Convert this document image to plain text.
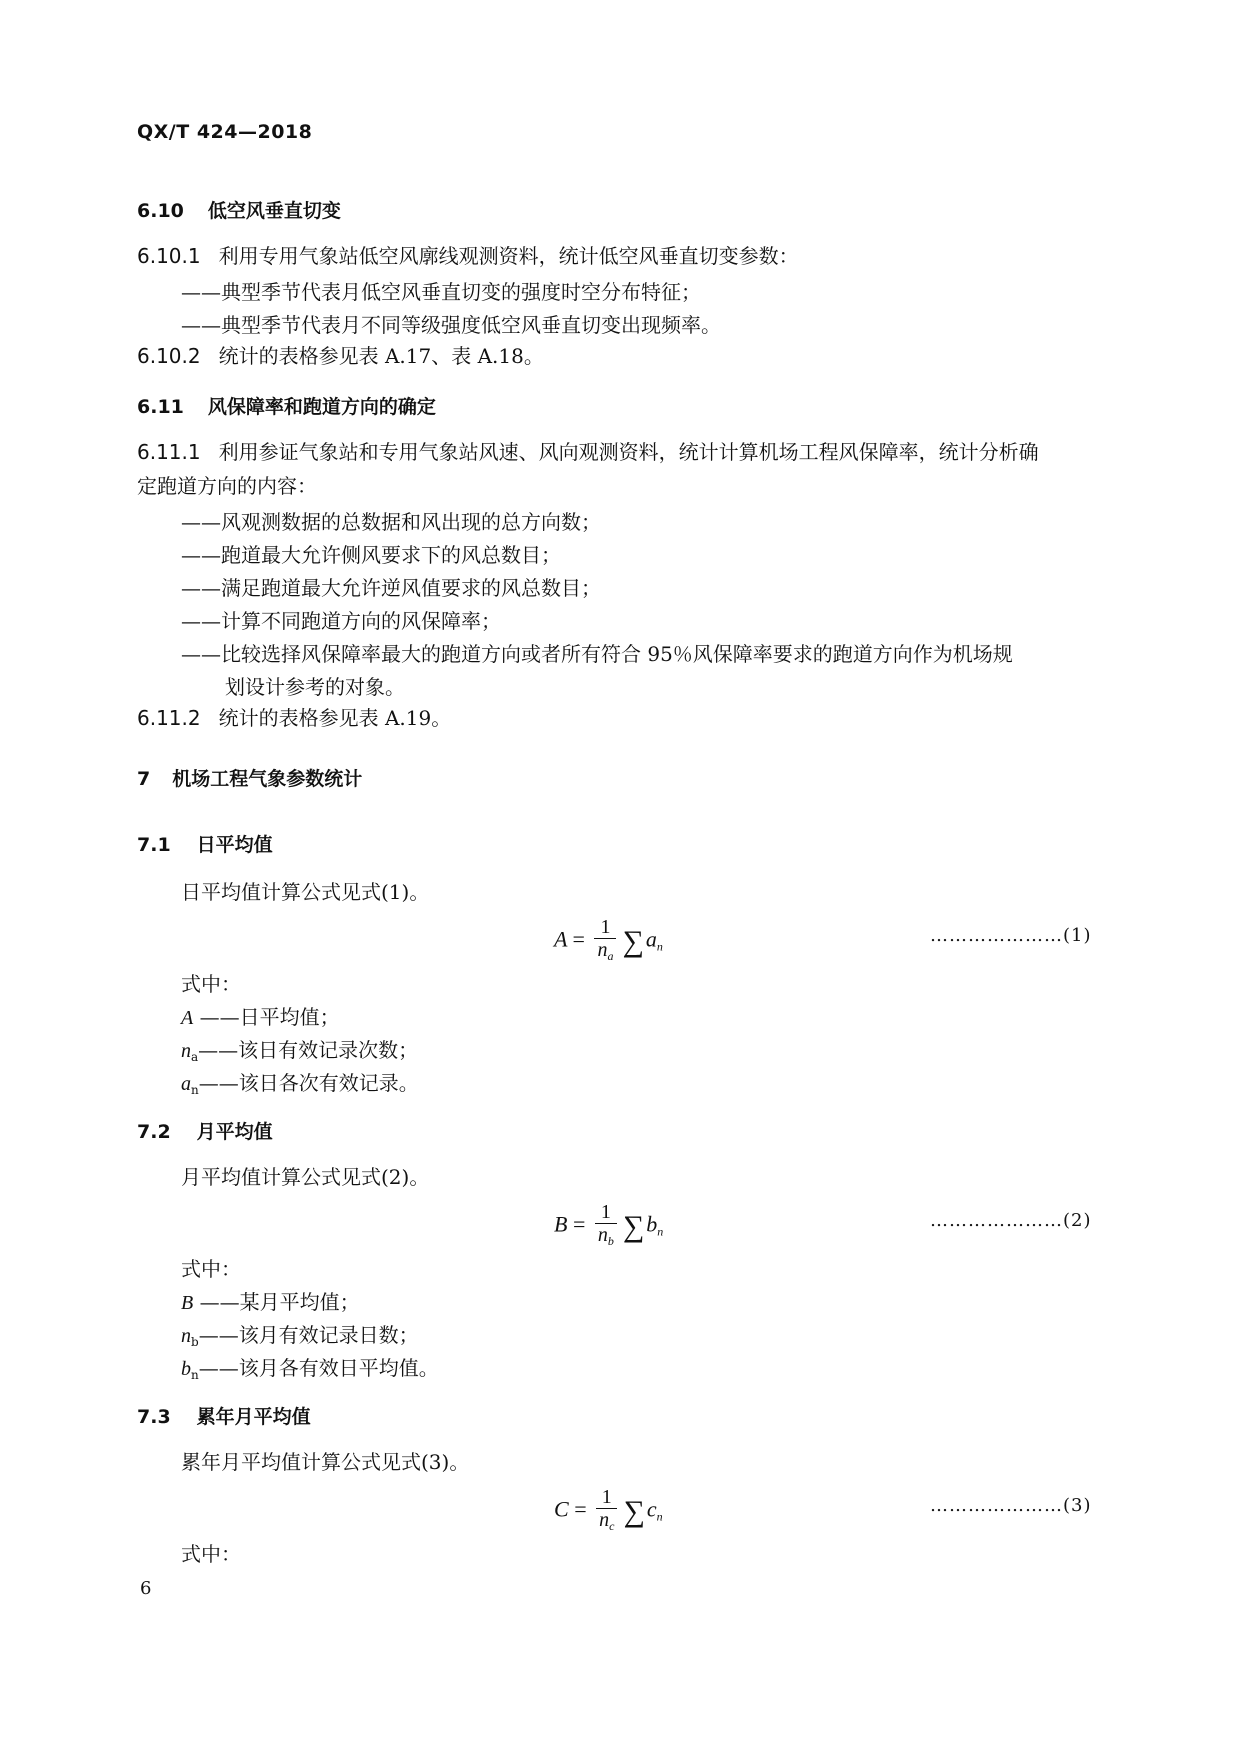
QX/T 424—2018
6.10 低空风垂直切变
6.10.1 利用专用气象站低空风廓线观测资料，统计低空风垂直切变参数：
——典型季节代表月低空风垂直切变的强度时空分布特征；
——典型季节代表月不同等级强度低空风垂直切变出现频率。
6.10.2 统计的表格参见表 A.17、表 A.18。
6.11 风保障率和跑道方向的确定
6.11.1 利用参证气象站和专用气象站风速、风向观测资料，统计计算机场工程风保障率，统计分析确
定跑道方向的内容：
——风观测数据的总数据和风出现的总方向数；
——跑道最大允许侧风要求下的风总数目；
——满足跑道最大允许逆风值要求的风总数目；
——计算不同跑道方向的风保障率；
——比较选择风保障率最大的跑道方向或者所有符合 95％风保障率要求的跑道方向作为机场规
划设计参考的对象。
6.11.2 统计的表格参见表 A.19。
7 机场工程气象参数统计
7.1 日平均值
日平均值计算公式见式(1)。
$A = \frac{1}{n_a} \sum a_n$
…………………(1)
式中：
A ——日平均值；
$n_a——$该日有效记录次数；
$a_n——$该日各次有效记录。
7.2 月平均值
月平均值计算公式见式(2)。
$B = \frac{1}{n_b} \sum b_n$
…………………(2)
式中：
B ——某月平均值；
$n_b——$该月有效记录日数；
$b_n——$该月各有效日平均值。
7.3 累年月平均值
累年月平均值计算公式见式(3)。
$C = \frac{1}{n_c} \sum c_n$
…………………(3)
式中：
6
